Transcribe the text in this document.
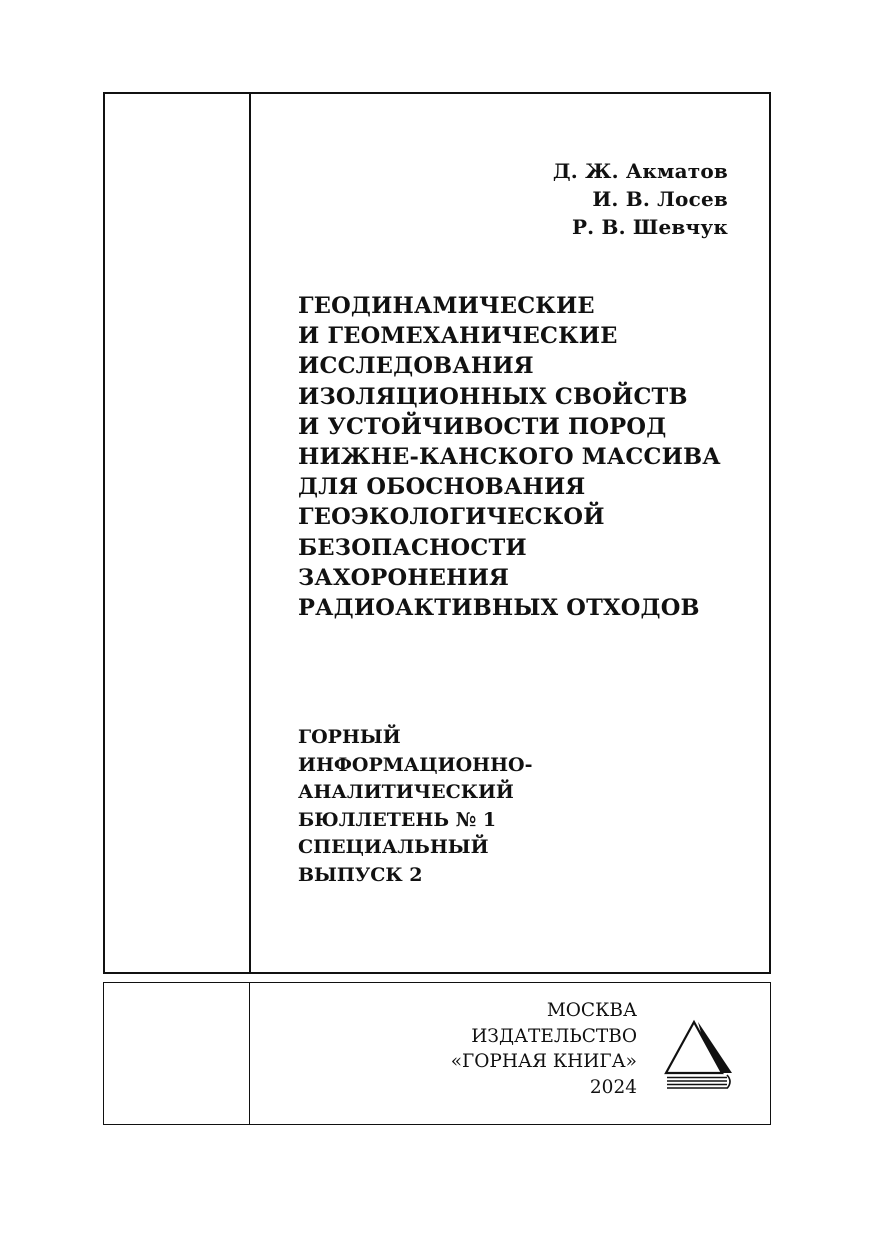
Д. Ж. Акматов
И. В. Лосев
Р. В. Шевчук
ГЕОДИНАМИЧЕСКИЕ
И ГЕОМЕХАНИЧЕСКИЕ
ИССЛЕДОВАНИЯ
ИЗОЛЯЦИОННЫХ СВОЙСТВ
И УСТОЙЧИВОСТИ ПОРОД
НИЖНЕ-КАНСКОГО МАССИВА
ДЛЯ ОБОСНОВАНИЯ
ГЕОЭКОЛОГИЧЕСКОЙ
БЕЗОПАСНОСТИ
ЗАХОРОНЕНИЯ
РАДИОАКТИВНЫХ ОТХОДОВ
ГОРНЫЙ
ИНФОРМАЦИОННО-
АНАЛИТИЧЕСКИЙ
БЮЛЛЕТЕНЬ № 1
СПЕЦИАЛЬНЫЙ
ВЫПУСК 2
МОСКВА
ИЗДАТЕЛЬСТВО
«ГОРНАЯ КНИГА»
2024
